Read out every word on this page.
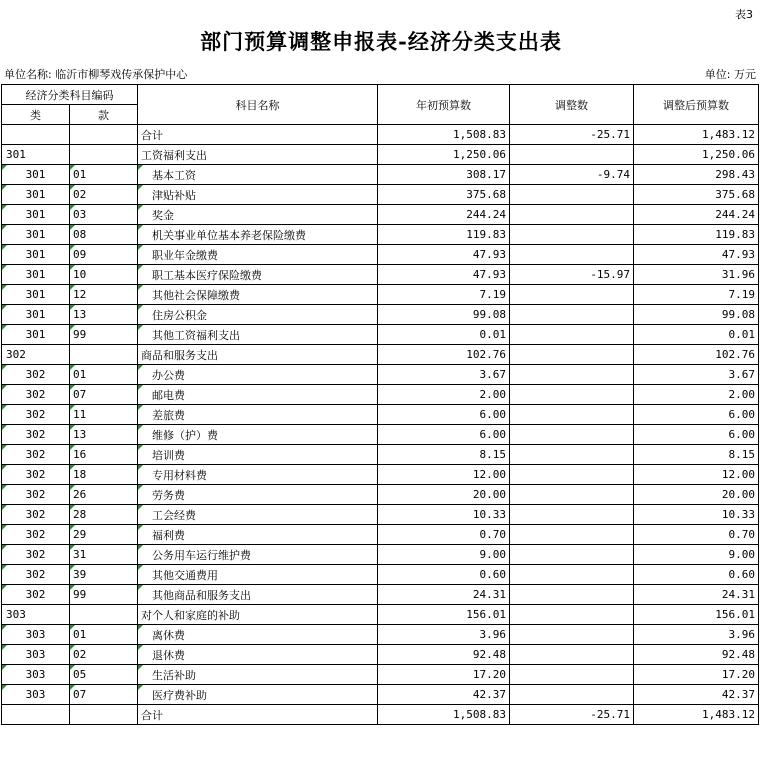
表3
部门预算调整申报表-经济分类支出表
单位名称: 临沂市柳琴戏传承保护中心	单位: 万元
经济分类科目编码		科目名称	年初预算数	调整数	调整后预算数
类	款				
		合计	1,508.83	-25.71	1,483.12
301		工资福利支出	1,250.06		1,250.06
301	01	基本工资	308.17	-9.74	298.43
301	02	津贴补贴	375.68		375.68
301	03	奖金	244.24		244.24
301	08	机关事业单位基本养老保险缴费	119.83		119.83
301	09	职业年金缴费	47.93		47.93
301	10	职工基本医疗保险缴费	47.93	-15.97	31.96
301	12	其他社会保障缴费	7.19		7.19
301	13	住房公积金	99.08		99.08
301	99	其他工资福利支出	0.01		0.01
302		商品和服务支出	102.76		102.76
302	01	办公费	3.67		3.67
302	07	邮电费	2.00		2.00
302	11	差旅费	6.00		6.00
302	13	维修（护）费	6.00		6.00
302	16	培训费	8.15		8.15
302	18	专用材料费	12.00		12.00
302	26	劳务费	20.00		20.00
302	28	工会经费	10.33		10.33
302	29	福利费	0.70		0.70
302	31	公务用车运行维护费	9.00		9.00
302	39	其他交通费用	0.60		0.60
302	99	其他商品和服务支出	24.31		24.31
303		对个人和家庭的补助	156.01		156.01
303	01	离休费	3.96		3.96
303	02	退休费	92.48		92.48
303	05	生活补助	17.20		17.20
303	07	医疗费补助	42.37		42.37
		合计	1,508.83	-25.71	1,483.12
